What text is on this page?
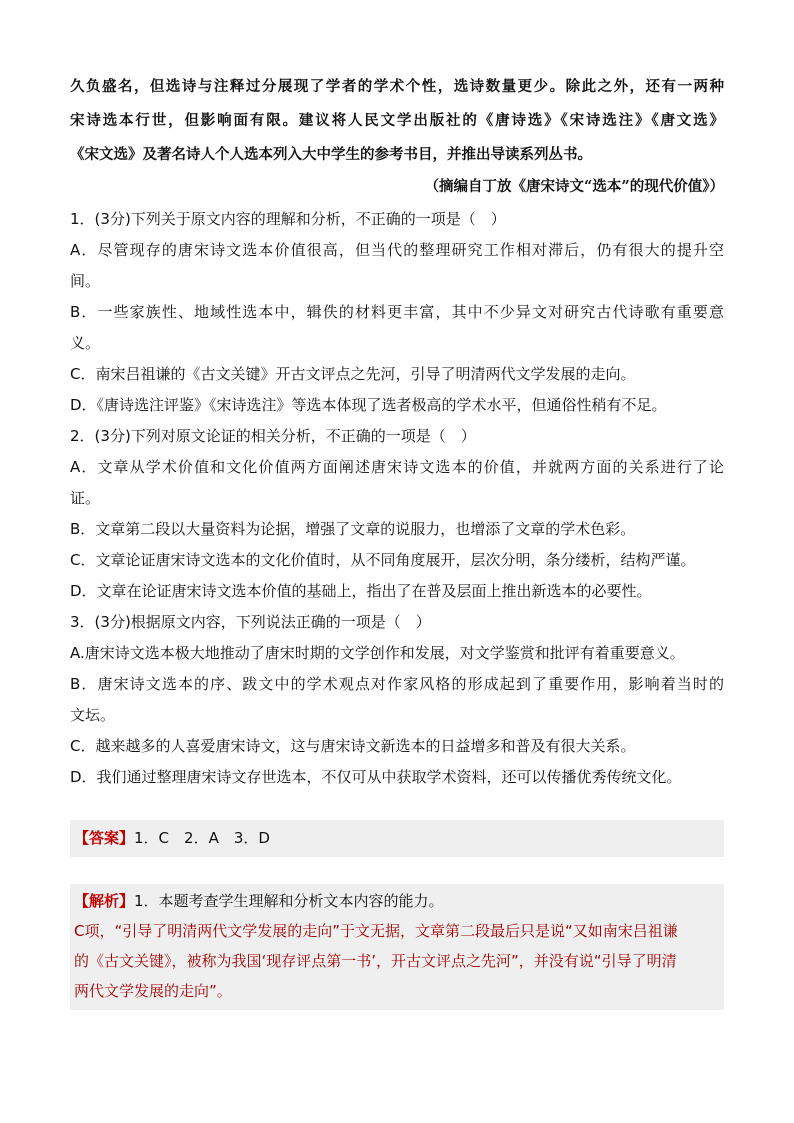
久负盛名，但选诗与注释过分展现了学者的学术个性，选诗数量更少。除此之外，还有一两种

宋诗选本行世，但影响面有限。建议将人民文学出版社的《唐诗选》《宋诗选注》《唐文选》

《宋文选》及著名诗人个人选本列入大中学生的参考书目，并推出导读系列丛书。

（摘编自丁放《唐宋诗文“选本”的现代价值》）

1．(3分)下列关于原文内容的理解和分析，不正确的一项是（　）

A．尽管现存的唐宋诗文选本价值很高，但当代的整理研究工作相对滞后，仍有很大的提升空

间。

B．一些家族性、地域性选本中，辑佚的材料更丰富，其中不少异文对研究古代诗歌有重要意

义。

C．南宋吕祖谦的《古文关键》开古文评点之先河，引导了明清两代文学发展的走向。

D．《唐诗选注评鉴》《宋诗选注》等选本体现了选者极高的学术水平，但通俗性稍有不足。

2．(3分)下列对原文论证的相关分析，不正确的一项是（　）

A．文章从学术价值和文化价值两方面阐述唐宋诗文选本的价值，并就两方面的关系进行了论

证。

B．文章第二段以大量资料为论据，增强了文章的说服力，也增添了文章的学术色彩。

C．文章论证唐宋诗文选本的文化价值时，从不同角度展开，层次分明，条分缕析，结构严谨。

D．文章在论证唐宋诗文选本价值的基础上，指出了在普及层面上推出新选本的必要性。

3．(3分)根据原文内容，下列说法正确的一项是（　）

A.唐宋诗文选本极大地推动了唐宋时期的文学创作和发展，对文学鉴赏和批评有着重要意义。

B．唐宋诗文选本的序、跋文中的学术观点对作家风格的形成起到了重要作用，影响着当时的

文坛。

C．越来越多的人喜爱唐宋诗文，这与唐宋诗文新选本的日益增多和普及有很大关系。

D．我们通过整理唐宋诗文存世选本，不仅可从中获取学术资料，还可以传播优秀传统文化。

【答案】1．C　2．A　3．D
【解析】1．本题考查学生理解和分析文本内容的能力。
C项，“引导了明清两代文学发展的走向”于文无据，文章第二段最后只是说“又如南宋吕祖谦
的《古文关键》，被称为我国‘现存评点第一书’，开古文评点之先河”，并没有说“引导了明清
两代文学发展的走向”。
